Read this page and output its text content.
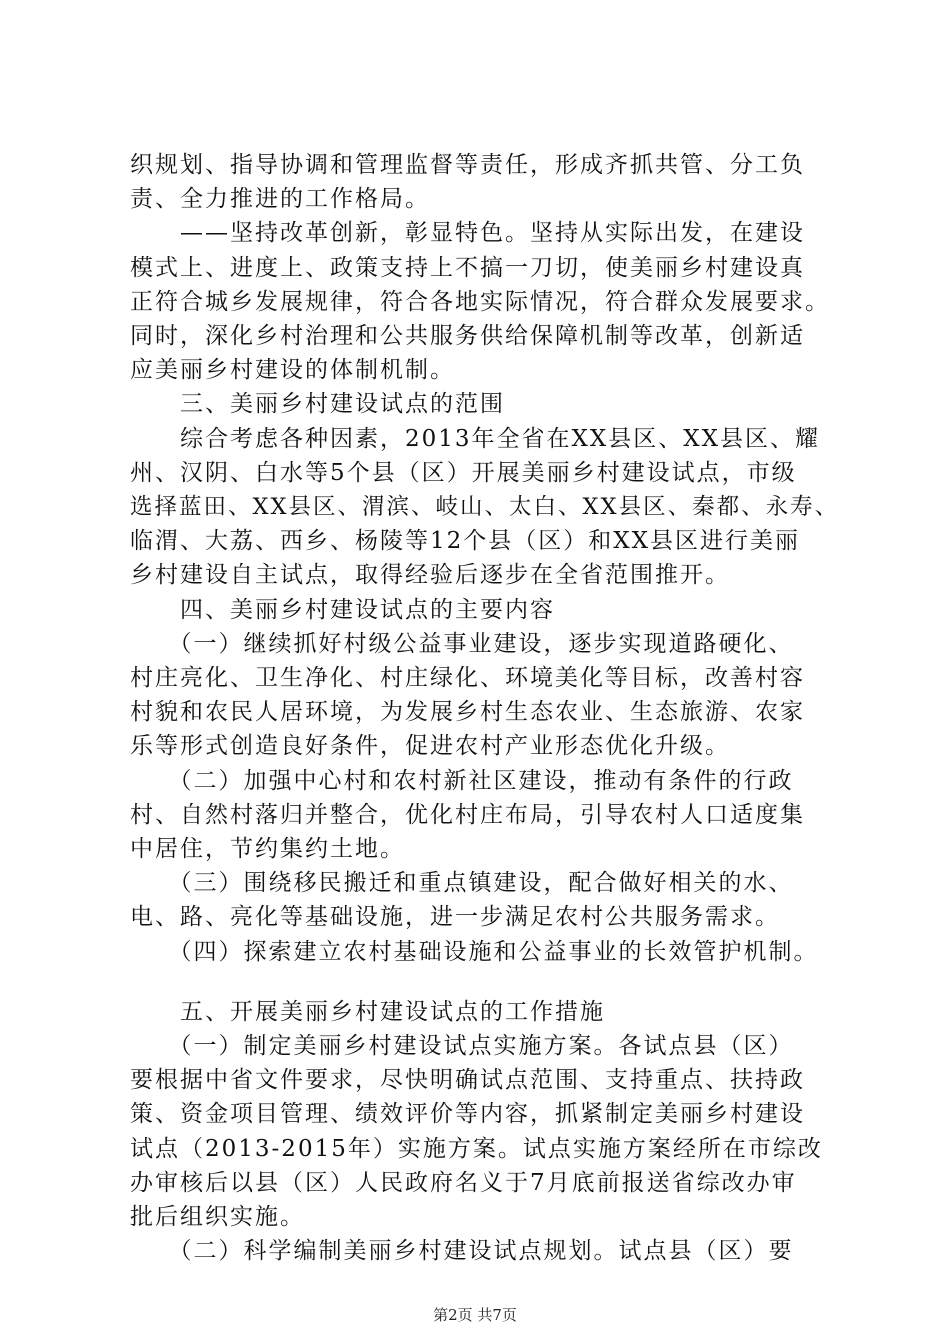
织规划、指导协调和管理监督等责任，形成齐抓共管、分工负
责、全力推进的工作格局。
　　——坚持改革创新，彰显特色。坚持从实际出发，在建设
模式上、进度上、政策支持上不搞一刀切，使美丽乡村建设真
正符合城乡发展规律，符合各地实际情况，符合群众发展要求。
同时，深化乡村治理和公共服务供给保障机制等改革，创新适
应美丽乡村建设的体制机制。
　　三、美丽乡村建设试点的范围
　　综合考虑各种因素，2013年全省在XX县区、XX县区、耀
州、汉阴、白水等5个县（区）开展美丽乡村建设试点，市级
选择蓝田、XX县区、渭滨、岐山、太白、XX县区、秦都、永寿、
临渭、大荔、西乡、杨陵等12个县（区）和XX县区进行美丽
乡村建设自主试点，取得经验后逐步在全省范围推开。
　　四、美丽乡村建设试点的主要内容
　　（一）继续抓好村级公益事业建设，逐步实现道路硬化、
村庄亮化、卫生净化、村庄绿化、环境美化等目标，改善村容
村貌和农民人居环境，为发展乡村生态农业、生态旅游、农家
乐等形式创造良好条件，促进农村产业形态优化升级。
　　（二）加强中心村和农村新社区建设，推动有条件的行政
村、自然村落归并整合，优化村庄布局，引导农村人口适度集
中居住，节约集约土地。
　　（三）围绕移民搬迁和重点镇建设，配合做好相关的水、
电、路、亮化等基础设施，进一步满足农村公共服务需求。
　　（四）探索建立农村基础设施和公益事业的长效管护机制。
　　五、开展美丽乡村建设试点的工作措施
　　（一）制定美丽乡村建设试点实施方案。各试点县（区）
要根据中省文件要求，尽快明确试点范围、支持重点、扶持政
策、资金项目管理、绩效评价等内容，抓紧制定美丽乡村建设
试点（2013-2015年）实施方案。试点实施方案经所在市综改
办审核后以县（区）人民政府名义于7月底前报送省综改办审
批后组织实施。
　　（二）科学编制美丽乡村建设试点规划。试点县（区）要
第2页 共7页
